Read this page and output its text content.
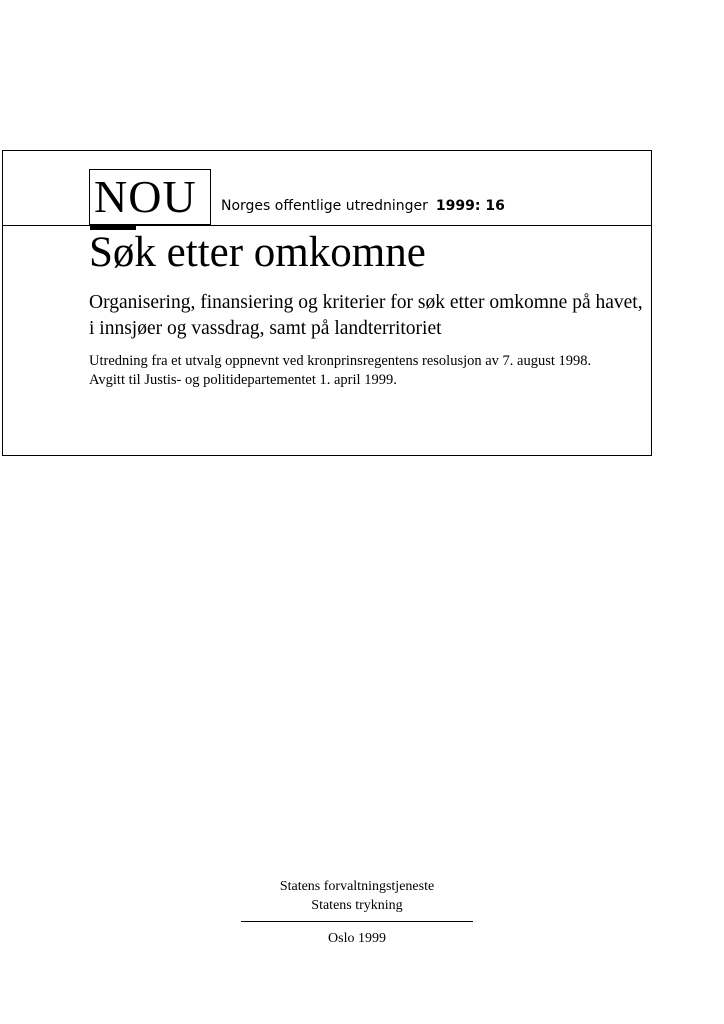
NOU Norges offentlige utredninger 1999: 16
Søk etter omkomne
Organisering, finansiering og kriterier for søk etter omkomne på havet, i innsjøer og vassdrag, samt på landterritoriet
Utredning fra et utvalg oppnevnt ved kronprinsregentens resolusjon av 7. august 1998.
Avgitt til Justis- og politidepartementet 1. april 1999.
Statens forvaltningstjeneste
Statens trykning
Oslo 1999
